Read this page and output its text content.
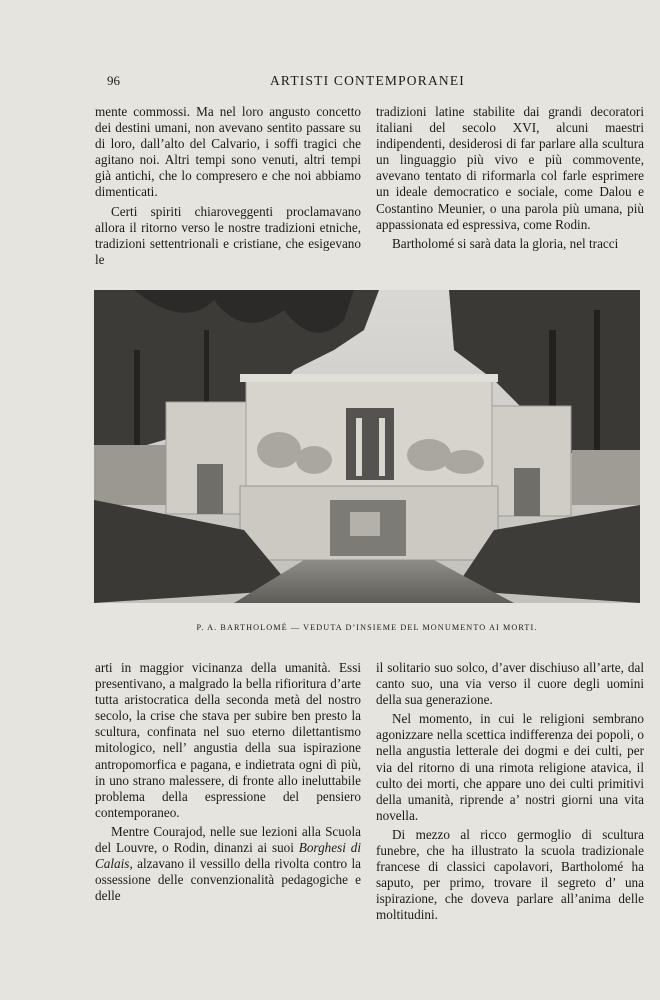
96	ARTISTI CONTEMPORANEI

mente commossi. Ma nel loro angusto concetto dei destini umani, non avevano sentito passare su di loro, dall’alto del Calvario, i soffi tragici che agitano noi. Altri tempi sono venuti, altri tempi già antichi, che lo compresero e che noi abbiamo dimenticati.

Certi spiriti chiaroveggenti proclamavano allora il ritorno verso le nostre tradizioni etniche, tradizioni settentrionali e cristiane, che esigevano le

tradizioni latine stabilite dai grandi decoratori italiani del secolo XVI, alcuni maestri indipendenti, desiderosi di far parlare alla scultura un linguaggio più vivo e più commovente, avevano tentato di riformarla col farle esprimere un ideale democratico e sociale, come Dalou e Costantino Meunier, o una parola più umana, più appassionata ed espressiva, come Rodin.

Bartholomé si sarà data la gloria, nel tracci

P. A. BARTHOLOMÉ — VEDUTA D’INSIEME DEL MONUMENTO AI MORTI.

arti in maggior vicinanza della umanità. Essi presentivano, a malgrado la bella rifioritura d’arte tutta aristocratica della seconda metà del nostro secolo, la crise che stava per subire ben presto la scultura, confinata nel suo eterno dilettantismo mitologico, nell’ angustia della sua ispirazione antropomorfica e pagana, e indietrata ogni dì più, in uno strano malessere, di fronte allo ineluttabile problema della espressione del pensiero contemporaneo.

Mentre Courajod, nelle sue lezioni alla Scuola del Louvre, o Rodin, dinanzi ai suoi Borghesi di Calais, alzavano il vessillo della rivolta contro la ossessione delle convenzionalità pedagogiche e delle

il solitario suo solco, d’aver dischiuso all’arte, dal canto suo, una via verso il cuore degli uomini della sua generazione.

Nel momento, in cui le religioni sembrano agonizzare nella scettica indifferenza dei popoli, o nella angustia letterale dei dogmi e dei culti, per via del ritorno di una rimota religione atavica, il culto dei morti, che appare uno dei culti primitivi della umanità, riprende a’ nostri giorni una vita novella.

Di mezzo al ricco germoglio di scultura funebre, che ha illustrato la scuola tradizionale francese di classici capolavori, Bartholomé ha saputo, per primo, trovare il segreto d’ una ispirazione, che doveva parlare all’anima delle moltitudini.
